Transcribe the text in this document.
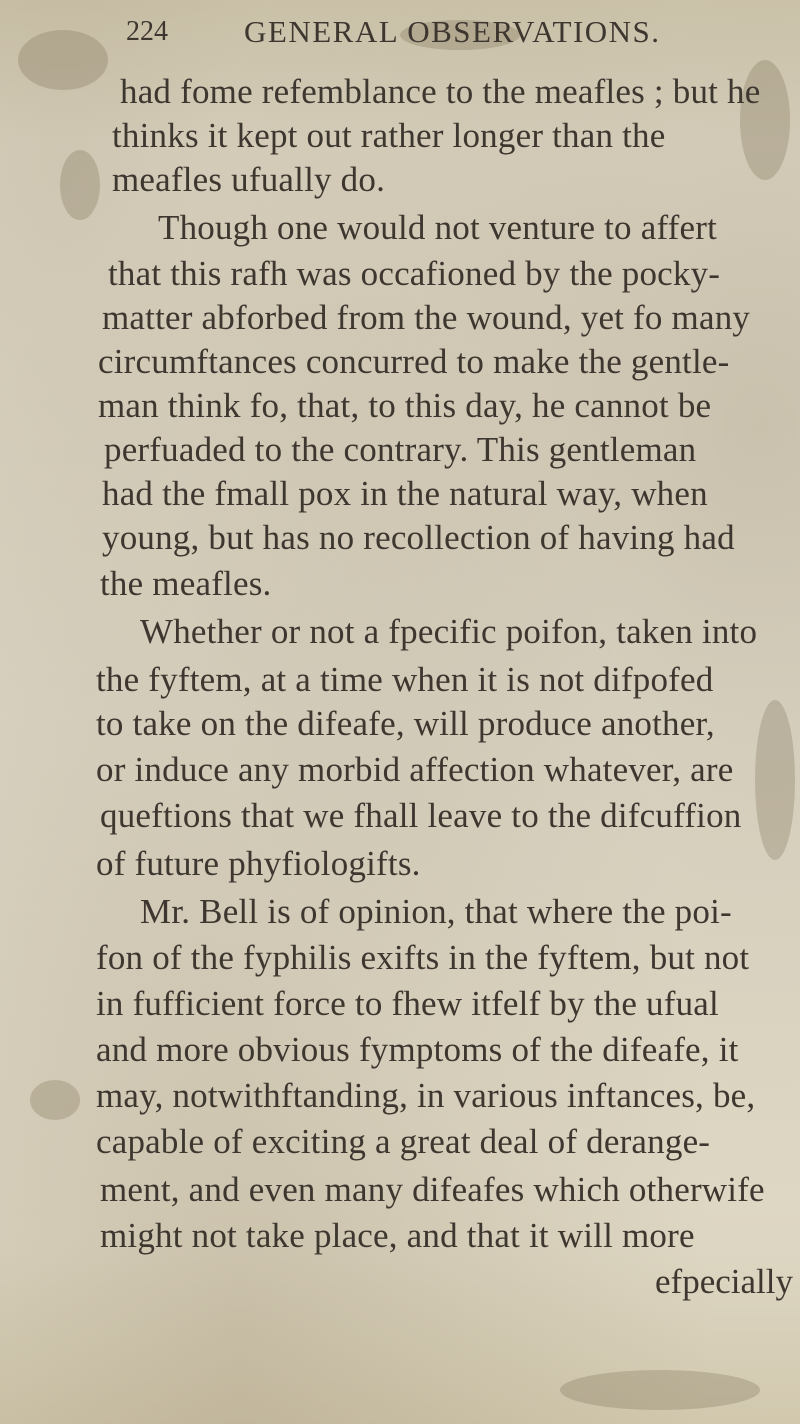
224 GENERAL OBSERVATIONS.

had fome refemblance to the meafles ; but he

thinks it kept out rather longer than the

meafles ufually do.

Though one would not venture to affert

that this rafh was occafioned by the pocky-

matter abforbed from the wound, yet fo many

circumftances concurred to make the gentle-

man think fo, that, to this day, he cannot be

perfuaded to the contrary. This gentleman

had the fmall pox in the natural way, when

young, but has no recollection of having had

the meafles.

Whether or not a fpecific poifon, taken into

the fyftem, at a time when it is not difpofed

to take on the difeafe, will produce another,

or induce any morbid affection whatever, are

queftions that we fhall leave to the difcuffion

of future phyfiologifts.

Mr. Bell is of opinion, that where the poi-

fon of the fyphilis exifts in the fyftem, but not

in fufficient force to fhew itfelf by the ufual

and more obvious fymptoms of the difeafe, it

may, notwithftanding, in various inftances, be,

capable of exciting a great deal of derange-

ment, and even many difeafes which otherwife

might not take place, and that it will more

efpecially
